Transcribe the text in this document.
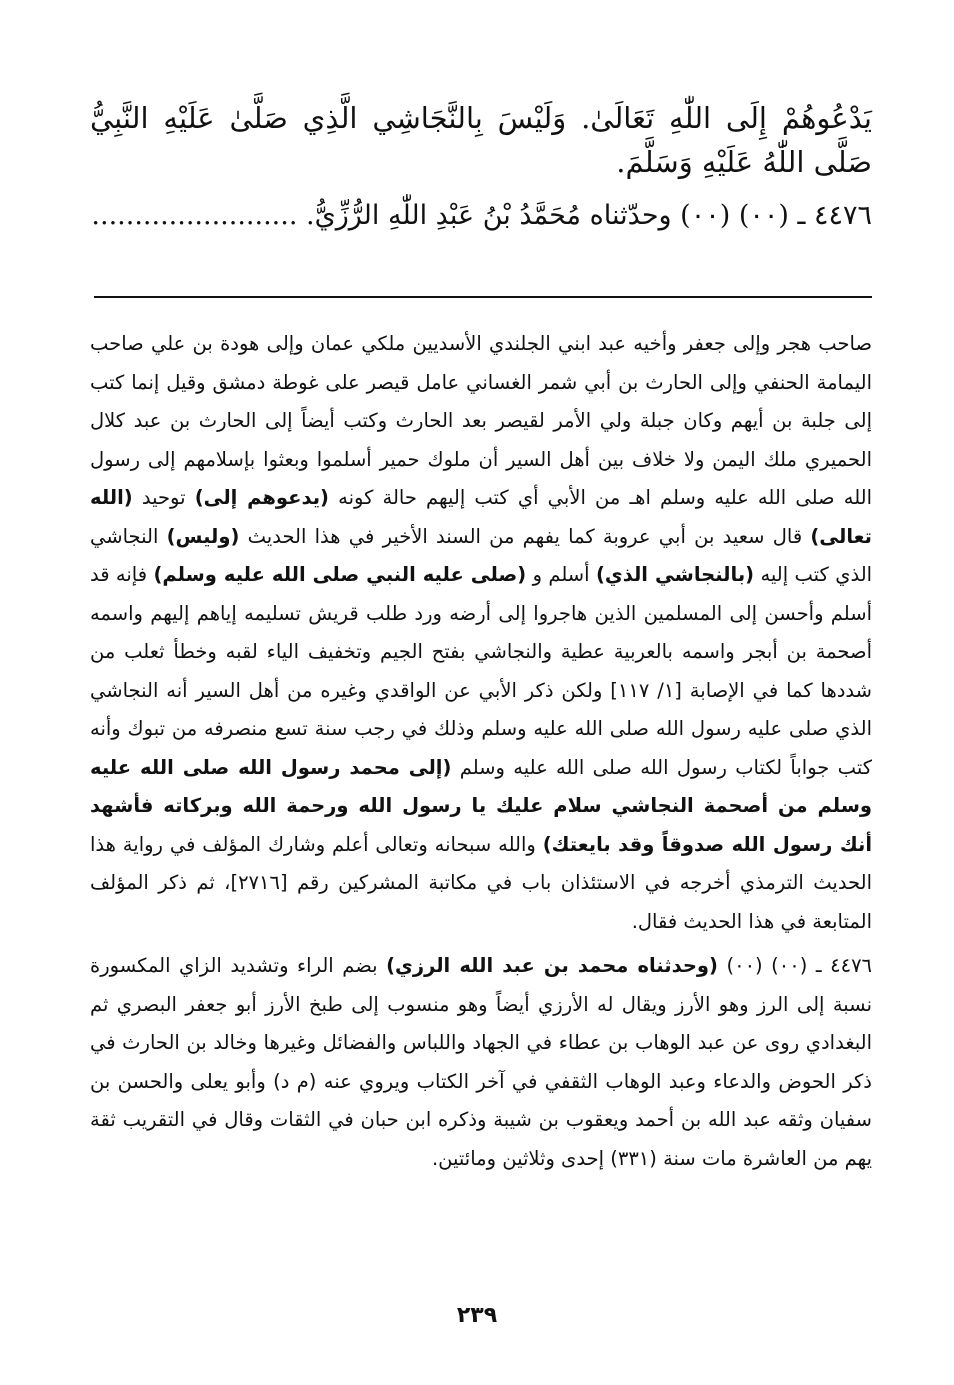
يَدْعُوهُمْ إِلَى اللّٰهِ تَعَالَىٰ. وَلَيْسَ بِالنَّجَاشِي الَّذِي صَلَّىٰ عَلَيْهِ النَّبِيُّ صَلَّى اللّٰهُ عَلَيْهِ وَسَلَّمَ.

٤٤٧٦ ـ (٠٠) (٠٠) وحدّثناه مُحَمَّدُ بْنُ عَبْدِ اللّٰهِ الرُّزِّيُّ. ........................

صاحب هجر وإلى جعفر وأخيه عبد ابني الجلندي الأسديين ملكي عمان وإلى هودة بن علي صاحب اليمامة الحنفي وإلى الحارث بن أبي شمر الغساني عامل قيصر على غوطة دمشق وقيل إنما كتب إلى جلبة بن أيهم وكان جبلة ولي الأمر لقيصر بعد الحارث وكتب أيضاً إلى الحارث بن عبد كلال الحميري ملك اليمن ولا خلاف بين أهل السير أن ملوك حمير أسلموا وبعثوا بإسلامهم إلى رسول الله صلى الله عليه وسلم اهـ من الأبي أي كتب إليهم حالة كونه (يدعوهم إلى) توحيد (الله تعالى) قال سعيد بن أبي عروبة كما يفهم من السند الأخير في هذا الحديث (وليس) النجاشي الذي كتب إليه (بالنجاشي الذي) أسلم و (صلى عليه النبي صلى الله عليه وسلم) فإنه قد أسلم وأحسن إلى المسلمين الذين هاجروا إلى أرضه ورد طلب قريش تسليمه إياهم إليهم واسمه أصحمة بن أبجر واسمه بالعربية عطية والنجاشي بفتح الجيم وتخفيف الياء لقبه وخطأ ثعلب من شددها كما في الإصابة [١/ ١١٧] ولكن ذكر الأبي عن الواقدي وغيره من أهل السير أنه النجاشي الذي صلى عليه رسول الله صلى الله عليه وسلم وذلك في رجب سنة تسع منصرفه من تبوك وأنه كتب جواباً لكتاب رسول الله صلى الله عليه وسلم (إلى محمد رسول الله صلى الله عليه وسلم من أصحمة النجاشي سلام عليك يا رسول الله ورحمة الله وبركاته فأشهد أنك رسول الله صدوقاً وقد بايعتك) والله سبحانه وتعالى أعلم وشارك المؤلف في رواية هذا الحديث الترمذي أخرجه في الاستئذان باب في مكاتبة المشركين رقم [٢٧١٦]، ثم ذكر المؤلف المتابعة في هذا الحديث فقال.

٤٤٧٦ ـ (٠٠) (٠٠) (وحدثناه محمد بن عبد الله الرزي) بضم الراء وتشديد الزاي المكسورة نسبة إلى الرز وهو الأرز ويقال له الأرزي أيضاً وهو منسوب إلى طبخ الأرز أبو جعفر البصري ثم البغدادي روى عن عبد الوهاب بن عطاء في الجهاد واللباس والفضائل وغيرها وخالد بن الحارث في ذكر الحوض والدعاء وعبد الوهاب الثقفي في آخر الكتاب ويروي عنه (م د) وأبو يعلى والحسن بن سفيان وثقه عبد الله بن أحمد ويعقوب بن شيبة وذكره ابن حبان في الثقات وقال في التقريب ثقة يهم من العاشرة مات سنة (٣٣١) إحدى وثلاثين ومائتين.

٢٣٩
